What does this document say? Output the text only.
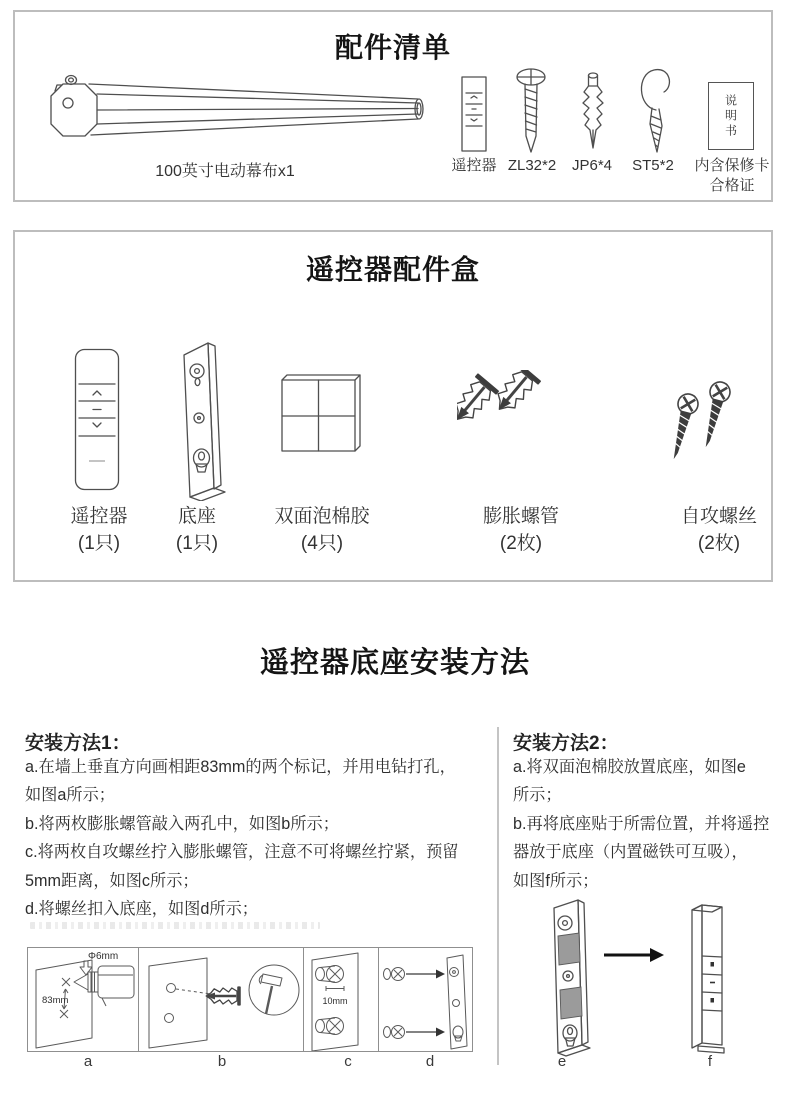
配件清单
100英寸电动幕布x1	遥控器 ZL32*2 JP6*4 ST5*2
说明书
内含保修卡
合格证
遥控器配件盒
遥控器
(1只)
底座
(1只)
双面泡棉胶
(4只)
膨胀螺管
(2枚)
自攻螺丝
(2枚)
遥控器底座安装方法
安装方法1：
a.在墙上垂直方向画相距83mm的两个标记，并用电钻打孔，
如图a所示；
b.将两枚膨胀螺管敲入两孔中，如图b所示；
c.将两枚自攻螺丝拧入膨胀螺管，注意不可将螺丝拧紧，预留
5mm距离，如图c所示；
d.将螺丝扣入底座，如图d所示；
Φ6mm
83mm	10mm
a	b	c	d
安装方法2：
a.将双面泡棉胶放置底座，如图e
所示；
b.再将底座贴于所需位置，并将遥控
器放于底座（内置磁铁可互吸），
如图f所示；
e	f
